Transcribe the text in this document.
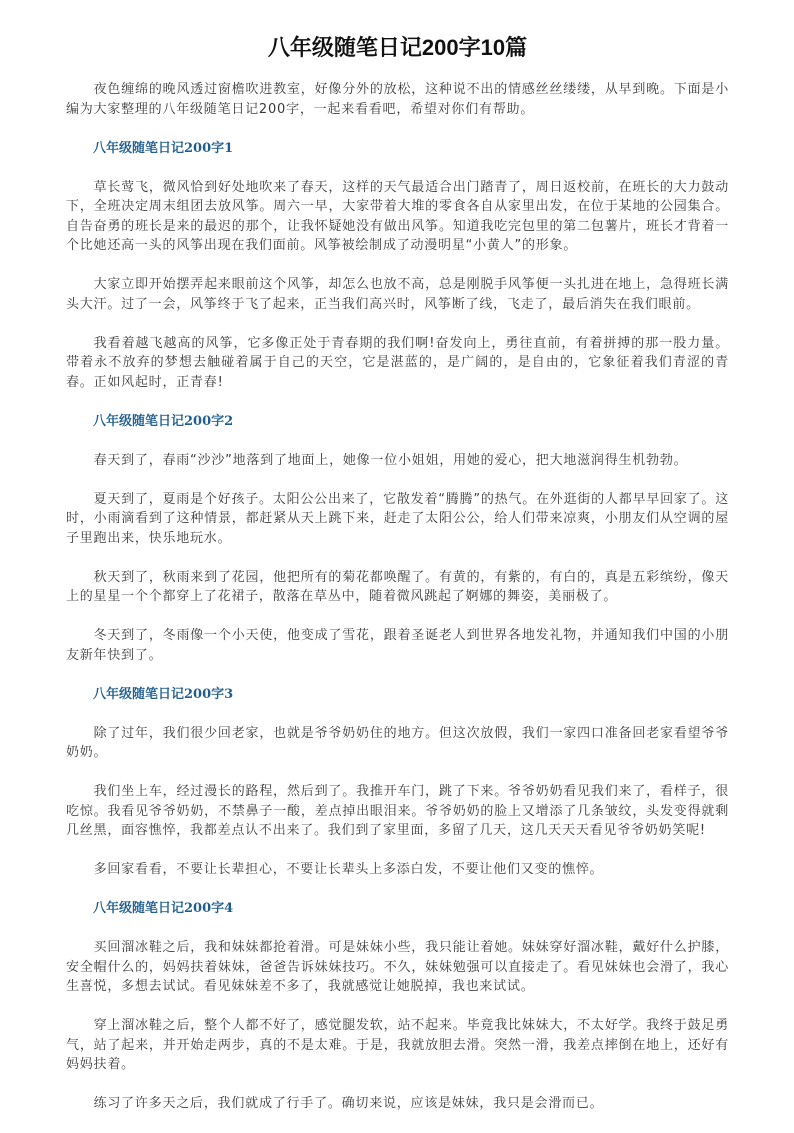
八年级随笔日记200字10篇

夜色缠绵的晚风透过窗檐吹进教室，好像分外的放松，这种说不出的情感丝丝缕缕，从早到晚。下面是小编为大家整理的八年级随笔日记200字，一起来看看吧，希望对你们有帮助。

八年级随笔日记200字1

草长莺飞，微风恰到好处地吹来了春天，这样的天气最适合出门踏青了，周日返校前，在班长的大力鼓动下，全班决定周末组团去放风筝。周六一早，大家带着大堆的零食各自从家里出发，在位于某地的公园集合。自告奋勇的班长是来的最迟的那个，让我怀疑她没有做出风筝。知道我吃完包里的第二包薯片，班长才背着一个比她还高一头的风筝出现在我们面前。风筝被绘制成了动漫明星“小黄人”的形象。

大家立即开始摆弄起来眼前这个风筝，却怎么也放不高，总是刚脱手风筝便一头扎进在地上，急得班长满头大汗。过了一会，风筝终于飞了起来，正当我们高兴时，风筝断了线，飞走了，最后消失在我们眼前。

我看着越飞越高的风筝，它多像正处于青春期的我们啊!奋发向上，勇往直前，有着拼搏的那一股力量。带着永不放弃的梦想去触碰着属于自己的天空，它是湛蓝的，是广阔的，是自由的，它象征着我们青涩的青春。正如风起时，正青春!

八年级随笔日记200字2

春天到了，春雨“沙沙”地落到了地面上，她像一位小姐姐，用她的爱心，把大地滋润得生机勃勃。

夏天到了，夏雨是个好孩子。太阳公公出来了，它散发着“腾腾”的热气。在外逛街的人都早早回家了。这时，小雨滴看到了这种情景，都赶紧从天上跳下来，赶走了太阳公公，给人们带来凉爽，小朋友们从空调的屋子里跑出来，快乐地玩水。

秋天到了，秋雨来到了花园，他把所有的菊花都唤醒了。有黄的，有紫的，有白的，真是五彩缤纷，像天上的星星一个个都穿上了花裙子，散落在草丛中，随着微风跳起了婀娜的舞姿，美丽极了。

冬天到了，冬雨像一个小天使，他变成了雪花，跟着圣诞老人到世界各地发礼物，并通知我们中国的小朋友新年快到了。

八年级随笔日记200字3

除了过年，我们很少回老家，也就是爷爷奶奶住的地方。但这次放假，我们一家四口准备回老家看望爷爷奶奶。

我们坐上车，经过漫长的路程，然后到了。我推开车门，跳了下来。爷爷奶奶看见我们来了，看样子，很吃惊。我看见爷爷奶奶，不禁鼻子一酸，差点掉出眼泪来。爷爷奶奶的脸上又增添了几条皱纹，头发变得就剩几丝黑，面容憔悴，我都差点认不出来了。我们到了家里面，多留了几天，这几天天天看见爷爷奶奶笑呢!

多回家看看，不要让长辈担心，不要让长辈头上多添白发，不要让他们又变的憔悴。

八年级随笔日记200字4

买回溜冰鞋之后，我和妹妹都抢着滑。可是妹妹小些，我只能让着她。妹妹穿好溜冰鞋，戴好什么护膝，安全帽什么的，妈妈扶着妹妹，爸爸告诉妹妹技巧。不久，妹妹勉强可以直接走了。看见妹妹也会滑了，我心生喜悦，多想去试试。看见妹妹差不多了，我就感觉让她脱掉，我也来试试。

穿上溜冰鞋之后，整个人都不好了，感觉腿发软，站不起来。毕竟我比妹妹大，不太好学。我终于鼓足勇气，站了起来，并开始走两步，真的不是太难。于是，我就放胆去滑。突然一滑，我差点摔倒在地上，还好有妈妈扶着。

练习了许多天之后，我们就成了行手了。确切来说，应该是妹妹，我只是会滑而已。
